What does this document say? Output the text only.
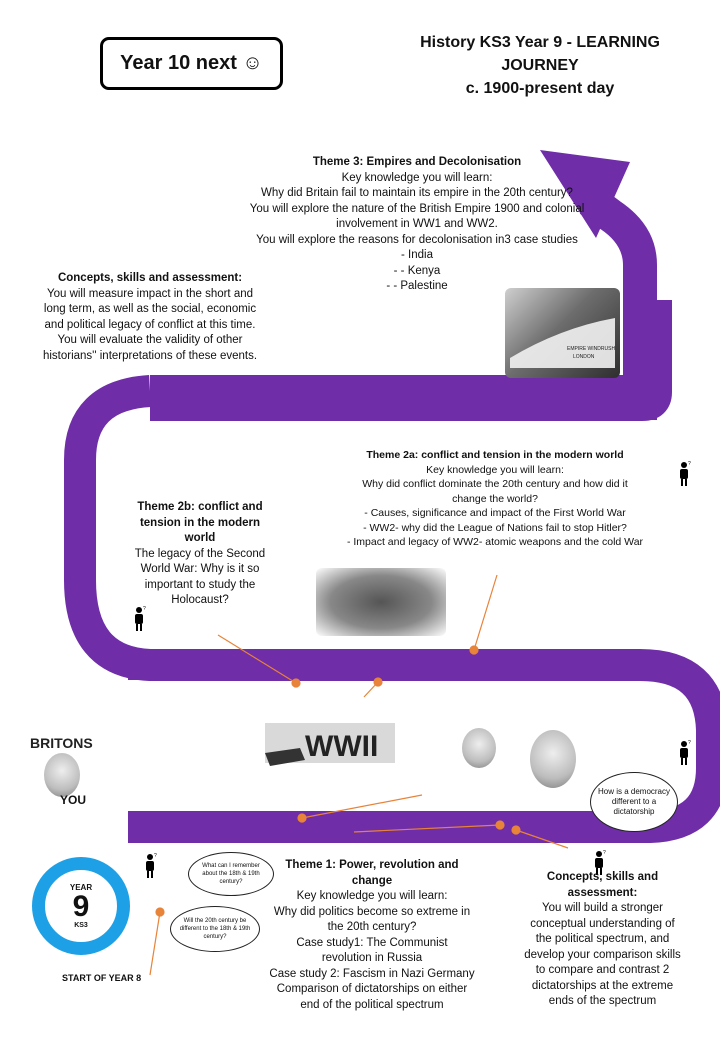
Year 10 next ☺
History KS3 Year 9 - LEARNING
JOURNEY
c. 1900-present day
Theme 3: Empires and Decolonisation
Key knowledge you will learn:
Why did Britain fail to maintain its empire in the 20th century?
You will explore the nature of the British Empire 1900 and colonial
involvement in WW1 and WW2.
You will explore the reasons for decolonisation in3 case studies
- India
- - Kenya
- - Palestine
Concepts, skills and assessment:
You will measure impact in the short and
long term, as well as the social, economic
and political legacy of conflict at this time.
You will evaluate the validity of other
historians'' interpretations of these events.
EMPIRE WINDRUSH
LONDON
Theme 2a: conflict and tension in the modern world
Key knowledge you will learn:
Why did conflict dominate the 20th century and how did it
change the world?
- Causes, significance and impact of the First World War
- WW2- why did the League of Nations fail to stop Hitler?
- Impact and legacy of WW2- atomic weapons and the cold War
Theme 2b: conflict and
tension in the modern
world
The legacy of the Second
World War: Why is it so
important to study the
Holocaust?
WWII
BRITONS
YOU
?
?
?
?	?
How is a democracy different to a dictatorship
What can I remember about the 18th & 19th century?
Will the 20th century be different to the 18th & 19th century?
Theme 1: Power, revolution and
change
Key knowledge you will learn:
Why did politics become so extreme in
the 20th century?
Case study1: The Communist
revolution in Russia
Case study 2: Fascism in Nazi Germany
Comparison of dictatorships on either
end of the political spectrum
Concepts, skills and
assessment:
You will build a stronger
conceptual understanding of
the political spectrum, and
develop your comparison skills
to compare and contrast 2
dictatorships at the extreme
ends of the spectrum
YEAR
9
KS3
START OF YEAR 8
